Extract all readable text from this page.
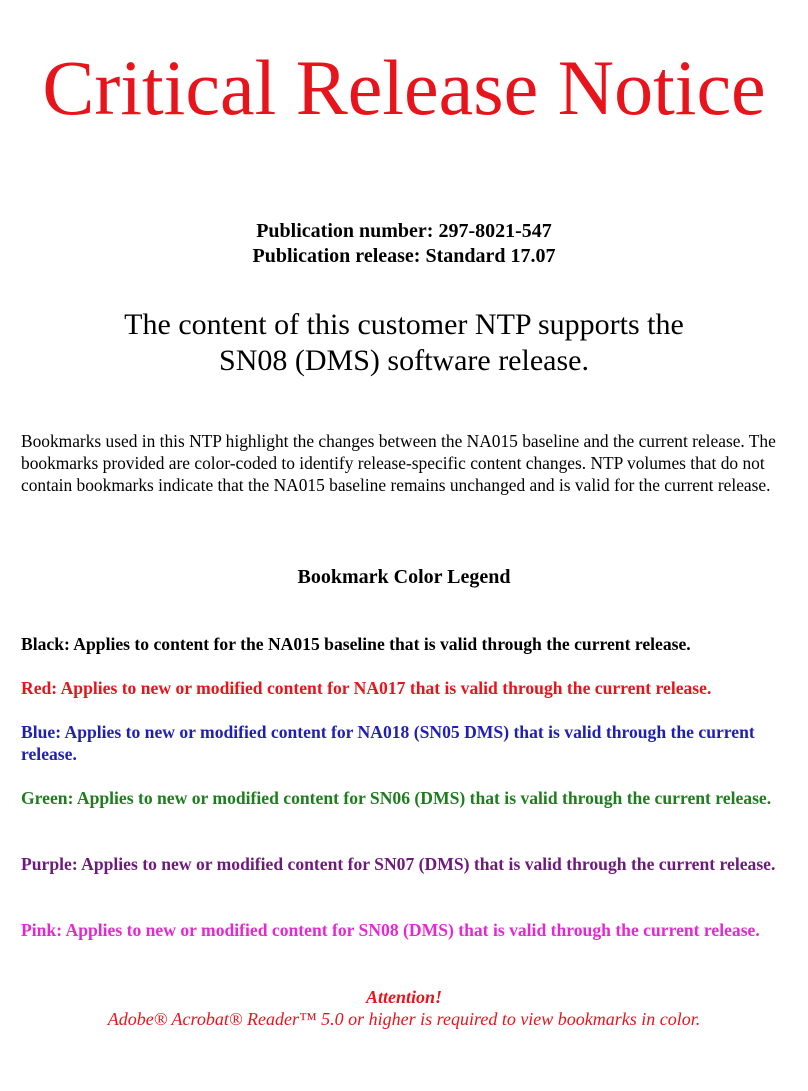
Critical Release Notice
Publication number: 297-8021-547
Publication release: Standard 17.07
The content of this customer NTP supports the
SN08 (DMS) software release.
Bookmarks used in this NTP highlight the changes between the NA015 baseline and the current release. The bookmarks provided are color-coded to identify release-specific content changes. NTP volumes that do not contain bookmarks indicate that the NA015 baseline remains unchanged and is valid for the current release.
Bookmark Color Legend
Black: Applies to content for the NA015 baseline that is valid through the current release.
Red: Applies to new or modified content for NA017 that is valid through the current release.
Blue: Applies to new or modified content for NA018 (SN05 DMS) that is valid through the current release.
Green: Applies to new or modified content for SN06 (DMS) that is valid through the current release.
Purple: Applies to new or modified content for SN07 (DMS) that is valid through the current release.
Pink: Applies to new or modified content for SN08 (DMS) that is valid through the current release.
Attention!
Adobe® Acrobat® Reader™ 5.0 or higher is required to view bookmarks in color.
